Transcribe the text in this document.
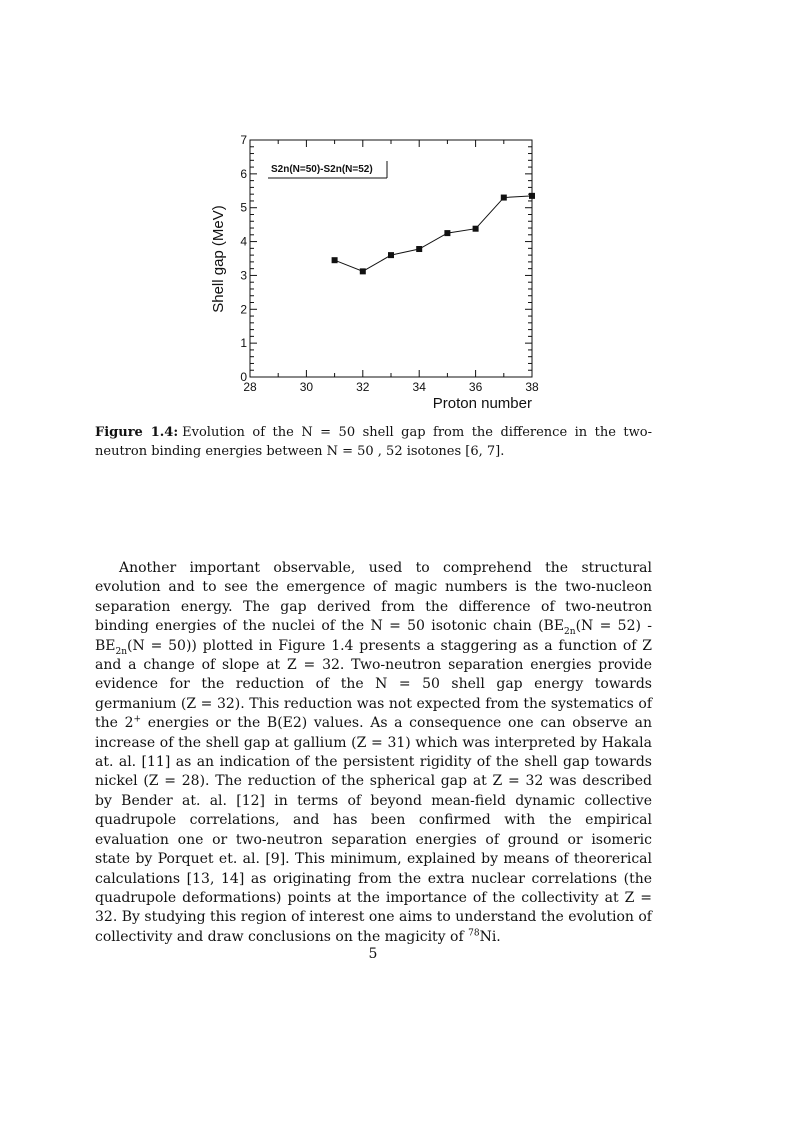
28	30	32	34	36	38
0
1
2
3
4
5
6
7
S2n(N=50)-S2n(N=52)
Proton number
Shell gap (MeV)
Figure 1.4: Evolution of the N = 50 shell gap from the difference in the two-neutron binding energies between N = 50 , 52 isotones [6, 7].

Another important observable, used to comprehend the structural evolution and to see the emergence of magic numbers is the two-nucleon separation energy. The gap derived from the difference of two-neutron binding energies of the nuclei of the N = 50 isotonic chain $(BE_{2n}(N = 52) - BE_{2n}(N = 50))$ plotted in Figure 1.4 presents a staggering as a function of Z and a change of slope at Z = 32. Two-neutron separation energies provide evidence for the reduction of the N = 50 shell gap energy towards germanium (Z = 32). This reduction was not expected from the systematics of the 2+ energies or the B(E2) values. As a consequence one can observe an increase of the shell gap at gallium (Z = 31) which was interpreted by Hakala at. al. [11] as an indication of the persistent rigidity of the shell gap towards nickel (Z = 28). The reduction of the spherical gap at Z = 32 was described by Bender at. al. [12] in terms of beyond mean-field dynamic collective quadrupole correlations, and has been confirmed with the empirical evaluation one or two-neutron separation energies of ground or isomeric state by Porquet et. al. [9]. This minimum, explained by means of theorerical calculations [13, 14] as originating from the extra nuclear correlations (the quadrupole deformations) points at the importance of the collectivity at Z = 32. By studying this region of interest one aims to understand the evolution of collectivity and draw conclusions on the magicity of $^{78}$Ni.

5
